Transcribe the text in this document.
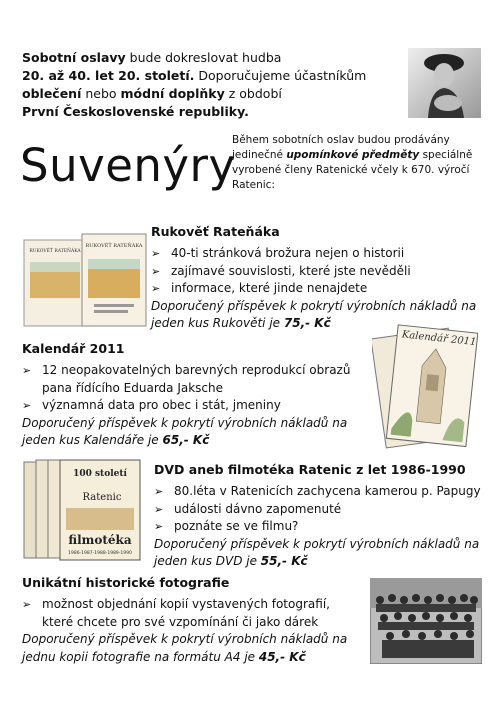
Sobotní oslavy bude dokreslovat hudba

20. až 40. let 20. století. Doporučujeme účastníkům

oblečení nebo módní doplňky z období

První Československé republiky.

Suvenýry
Během sobotních oslav budou prodávány jedinečné upomínkové předměty speciálně vyrobené členy Ratenické včely k 670. výročí Ratenic:
RUKOVĚŤ RATEŇÁKA
RUKOVĚŤ RATEŇÁKA

Rukověť Rateňáka

➢ 40-ti stránková brožura nejen o historii
➢ zajímavé souvislosti, které jste nevěděli
➢ informace, které jinde nenajdete

Doporučený příspěvek k pokrytí výrobních nákladů na

jeden kus Rukověti je 75,- Kč

Kalendář 2011

➢ 12 neopakovatelných barevných reprodukcí obrazů
pana řídícího Eduarda Jaksche
➢ významná data pro obec i stát, jmeniny

Doporučený příspěvek k pokrytí výrobních nákladů na

jeden kus Kalendáře je 65,- Kč

Kalendář 2011
100 století
Ratenic
filmotéka
1986-1987-1988-1989-1990

DVD aneb filmotéka Ratenic z let 1986-1990

➢ 80.léta v Ratenicích zachycena kamerou p. Papugy
➢ události dávno zapomenuté
➢ poznáte se ve filmu?

Doporučený příspěvek k pokrytí výrobních nákladů na

jeden kus DVD je 55,- Kč

Unikátní historické fotografie

➢ možnost objednání kopií vystavených fotografií,
které chcete pro své vzpomínání či jako dárek

Doporučený příspěvek k pokrytí výrobních nákladů na

jednu kopii fotografie na formátu A4 je 45,- Kč
